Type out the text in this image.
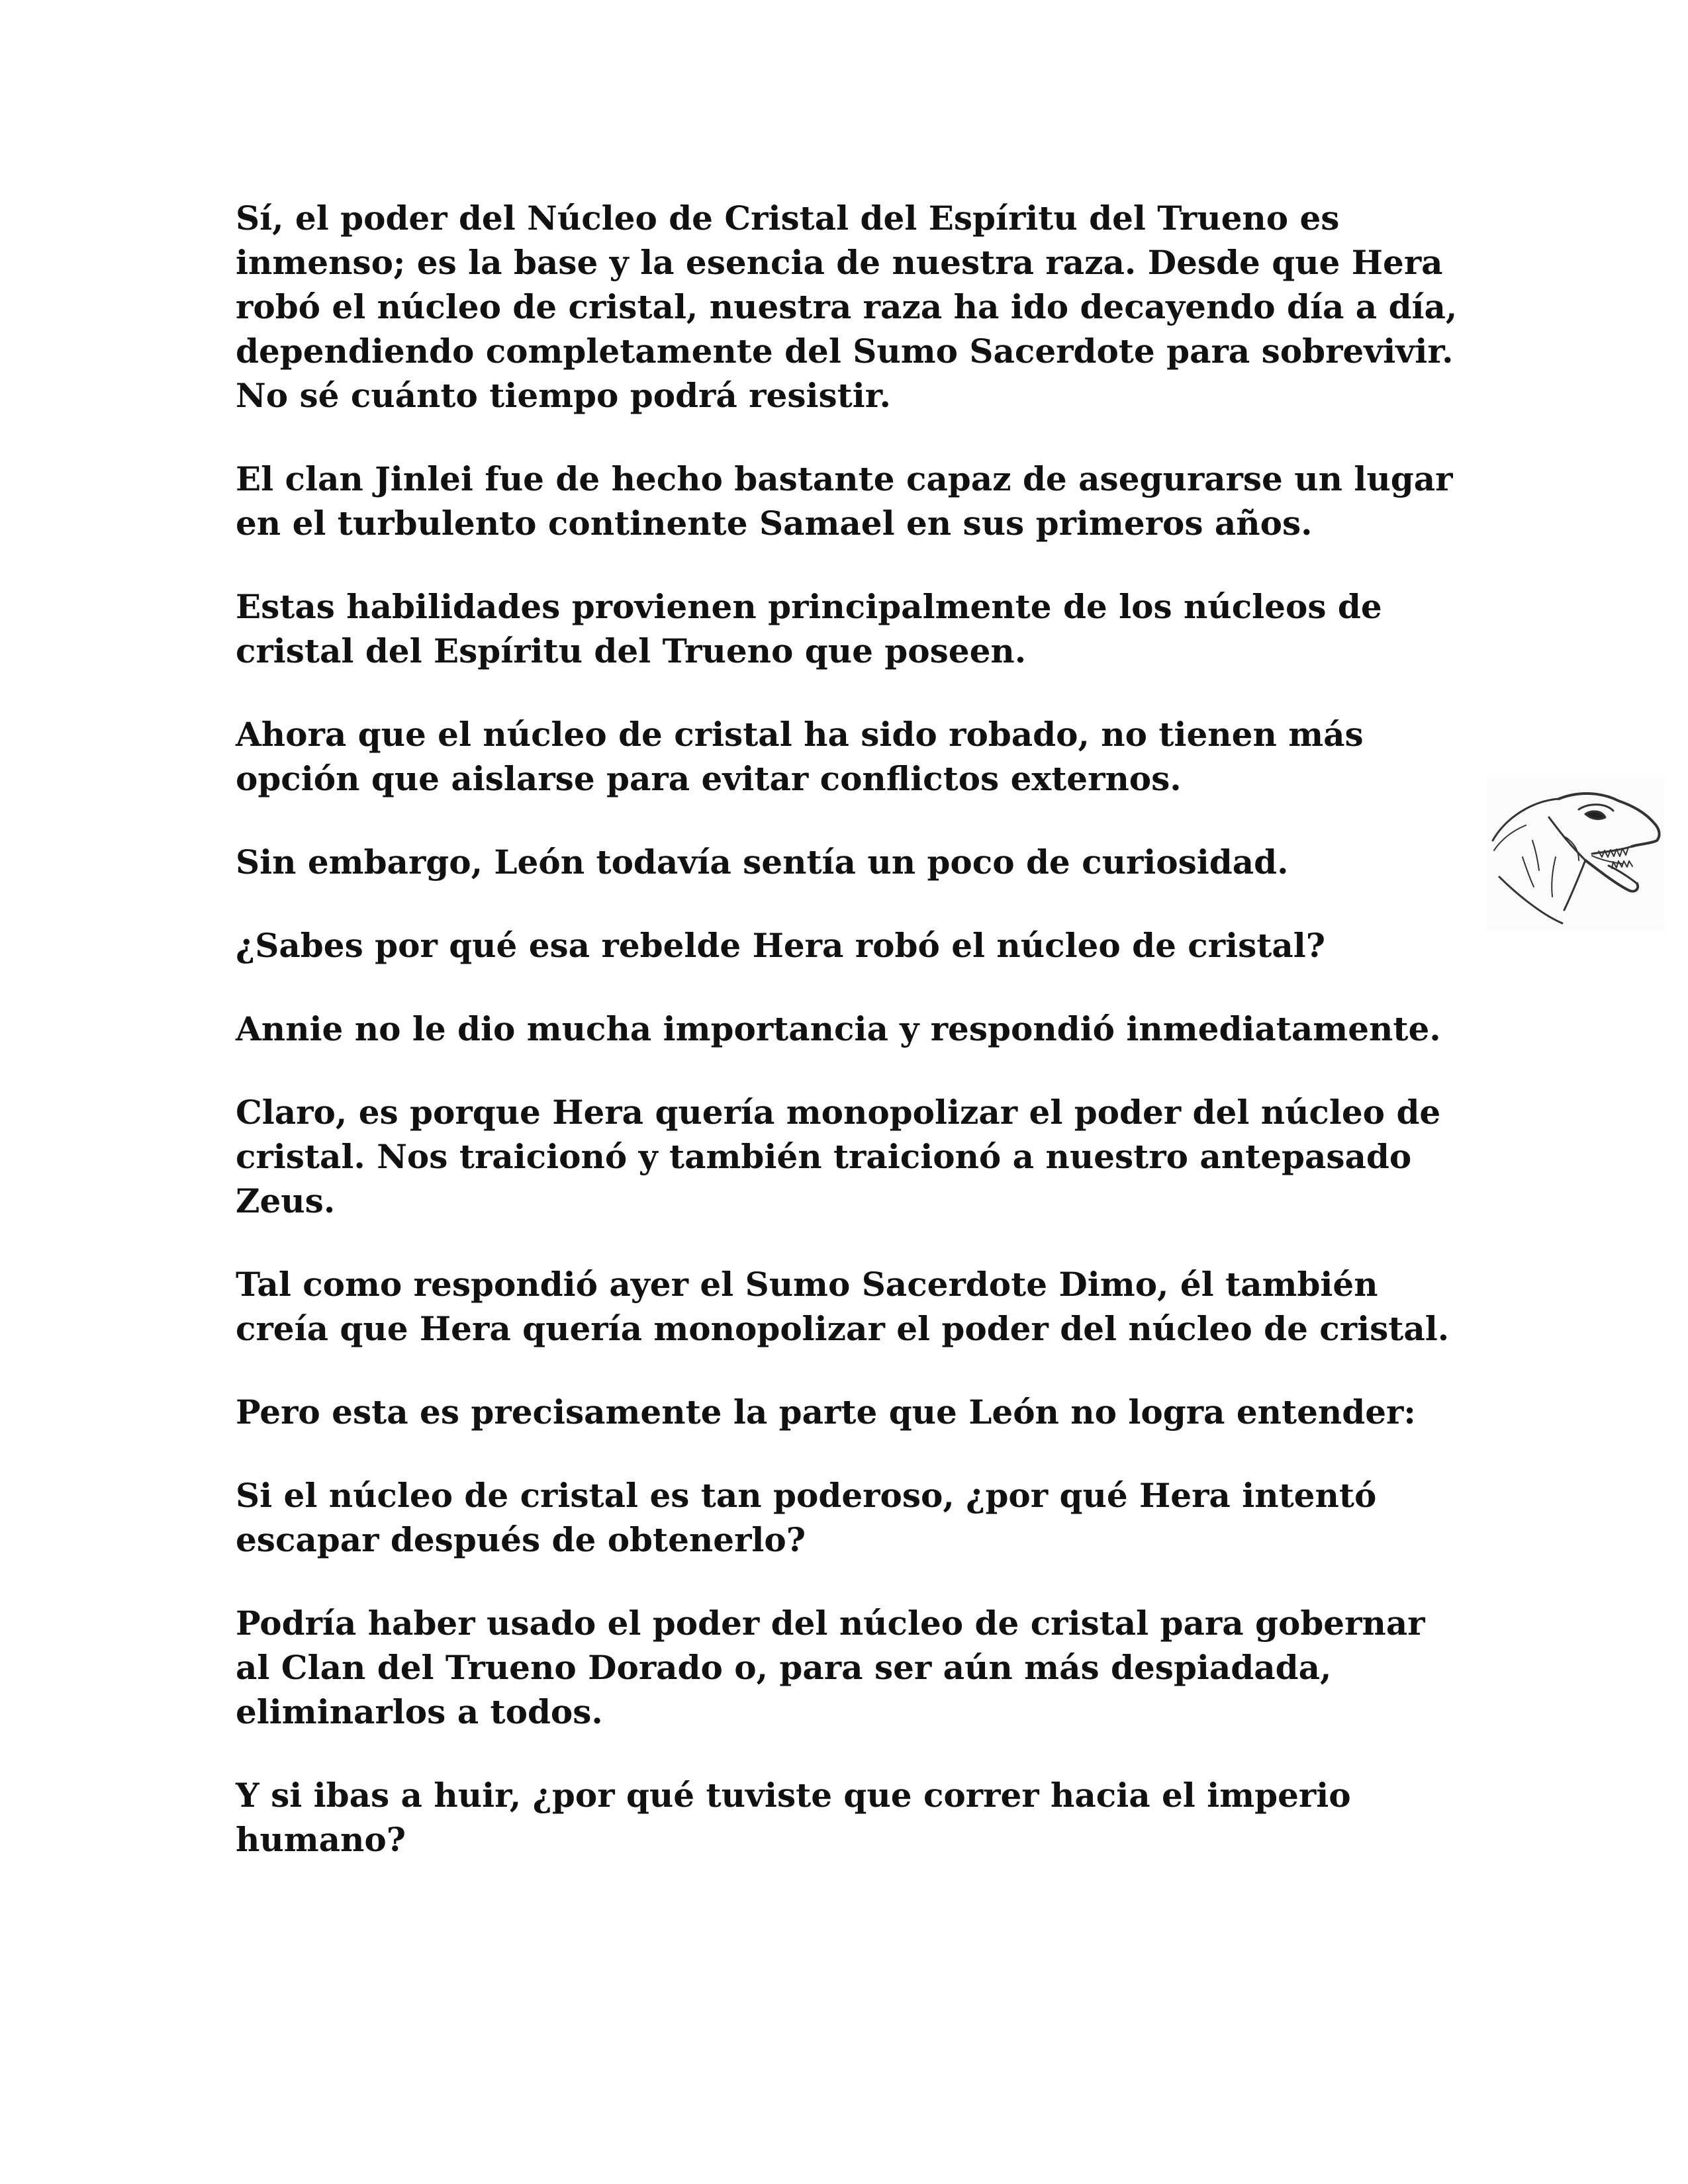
Sí, el poder del Núcleo de Cristal del Espíritu del Trueno es inmenso; es la base y la esencia de nuestra raza. Desde que Hera robó el núcleo de cristal, nuestra raza ha ido decayendo día a día, dependiendo completamente del Sumo Sacerdote para sobrevivir. No sé cuánto tiempo podrá resistir.

El clan Jinlei fue de hecho bastante capaz de asegurarse un lugar en el turbulento continente Samael en sus primeros años.

Estas habilidades provienen principalmente de los núcleos de cristal del Espíritu del Trueno que poseen.

Ahora que el núcleo de cristal ha sido robado, no tienen más opción que aislarse para evitar conflictos externos.

Sin embargo, León todavía sentía un poco de curiosidad.

¿Sabes por qué esa rebelde Hera robó el núcleo de cristal?

Annie no le dio mucha importancia y respondió inmediatamente.

Claro, es porque Hera quería monopolizar el poder del núcleo de cristal. Nos traicionó y también traicionó a nuestro antepasado Zeus.

Tal como respondió ayer el Sumo Sacerdote Dimo, él también creía que Hera quería monopolizar el poder del núcleo de cristal.

Pero esta es precisamente la parte que León no logra entender:

Si el núcleo de cristal es tan poderoso, ¿por qué Hera intentó escapar después de obtenerlo?

Podría haber usado el poder del núcleo de cristal para gobernar al Clan del Trueno Dorado o, para ser aún más despiadada, eliminarlos a todos.

Y si ibas a huir, ¿por qué tuviste que correr hacia el imperio humano?
